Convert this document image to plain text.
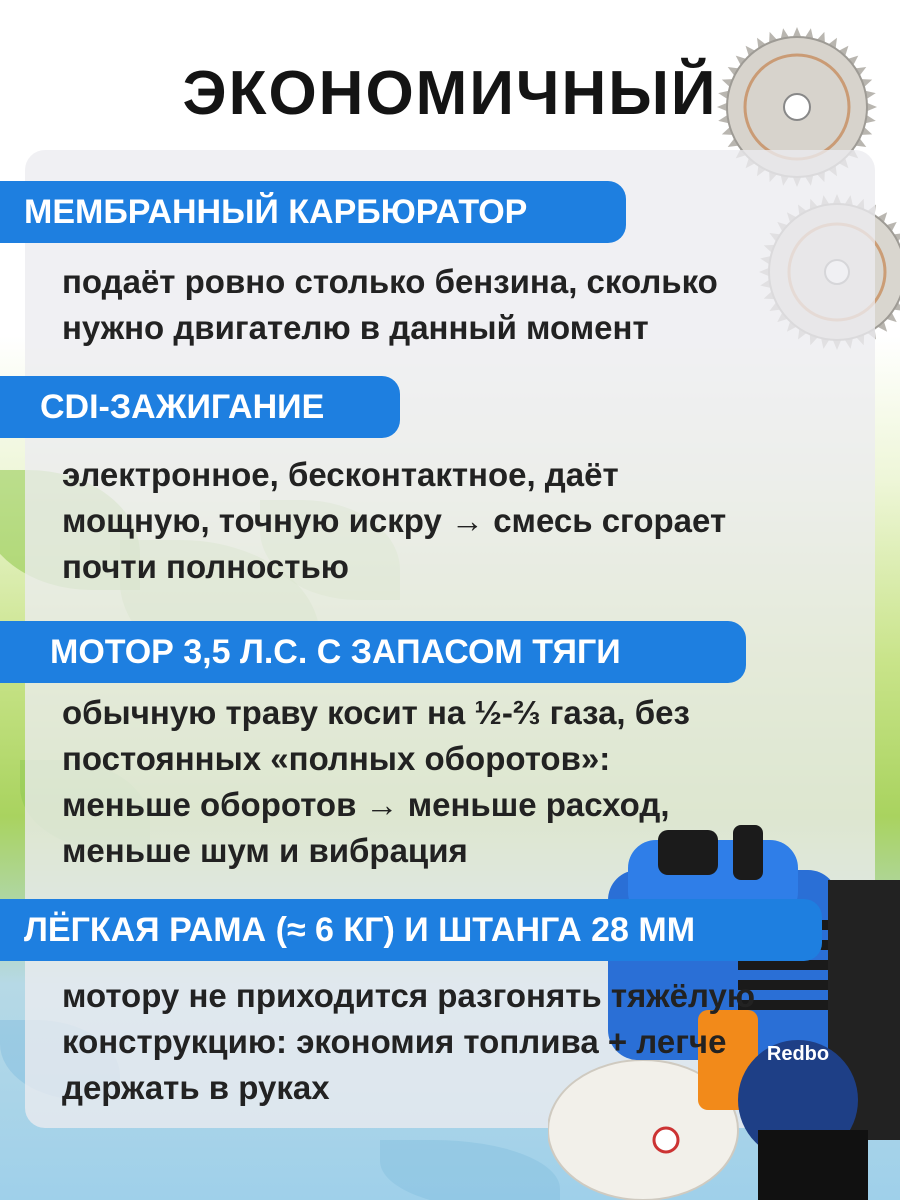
Redbo
ЭКОНОМИЧНЫЙ
МЕМБРАННЫЙ КАРБЮРАТОР
подаёт ровно столько бензина, сколько
нужно двигателю в данный момент
CDI-ЗАЖИГАНИЕ
электронное, бесконтактное, даёт
мощную, точную искру → смесь сгорает
почти полностью
МОТОР 3,5 Л.С. С ЗАПАСОМ ТЯГИ
обычную траву косит на ½-⅔ газа, без
постоянных «полных оборотов»:
меньше оборотов → меньше расход,
меньше шум и вибрация
ЛЁГКАЯ РАМА (≈ 6 КГ) И ШТАНГА 28 ММ
мотору не приходится разгонять тяжёлую
конструкцию: экономия топлива + легче
держать в руках
